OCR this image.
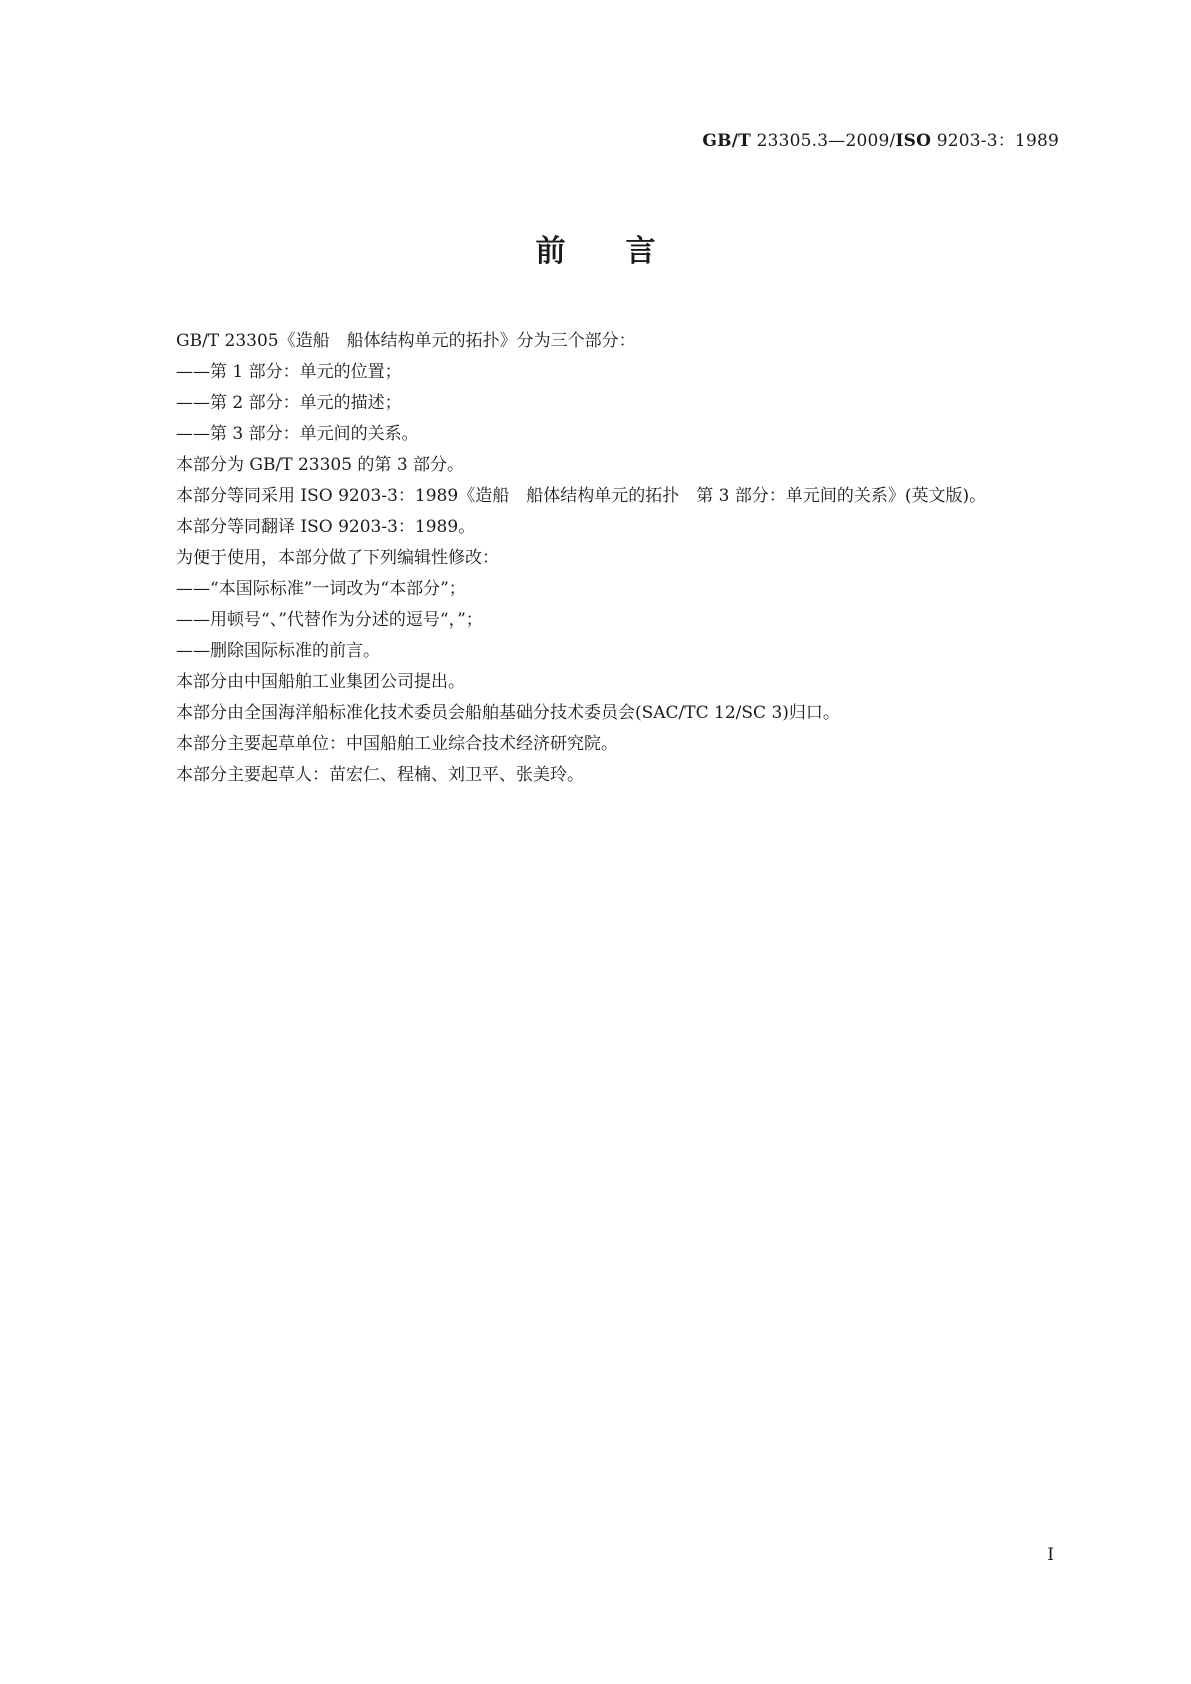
GB/T 23305.3—2009/ISO 9203-3：1989
前言
GB/T 23305《造船　船体结构单元的拓扑》分为三个部分：
——第 1 部分：单元的位置；
——第 2 部分：单元的描述；
——第 3 部分：单元间的关系。
本部分为 GB/T 23305 的第 3 部分。
本部分等同采用 ISO 9203-3：1989《造船　船体结构单元的拓扑　第 3 部分：单元间的关系》(英文版)。
本部分等同翻译 ISO 9203-3：1989。
为便于使用，本部分做了下列编辑性修改：
——“本国际标准”一词改为“本部分”；
——用顿号“、”代替作为分述的逗号“，”；
——删除国际标准的前言。
本部分由中国船舶工业集团公司提出。
本部分由全国海洋船标准化技术委员会船舶基础分技术委员会(SAC/TC 12/SC 3)归口。
本部分主要起草单位：中国船舶工业综合技术经济研究院。
本部分主要起草人：苗宏仁、程楠、刘卫平、张美玲。
I
